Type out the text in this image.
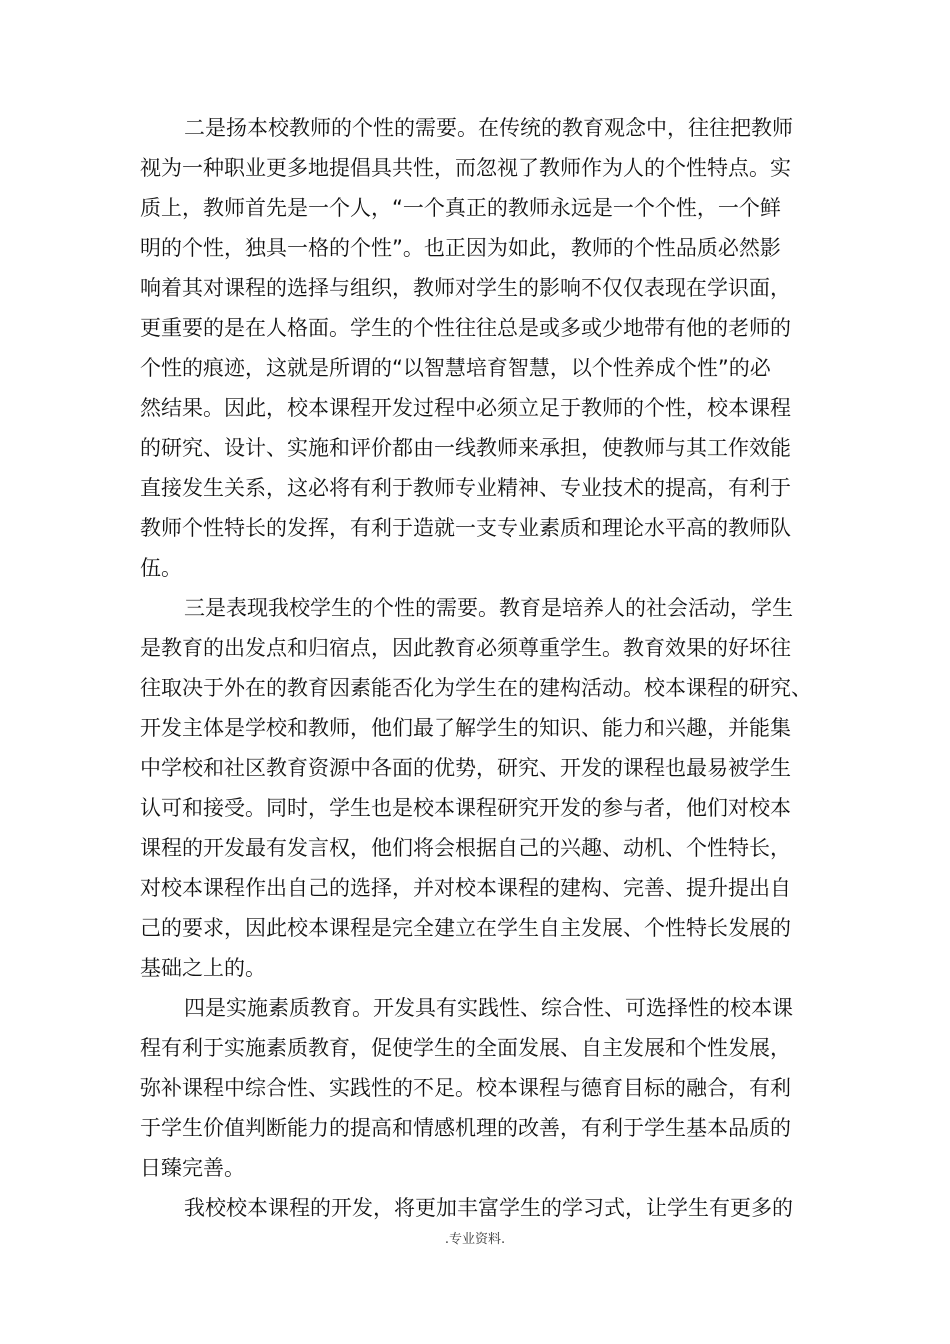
二是扬本校教师的个性的需要。在传统的教育观念中，往往把教师
视为一种职业更多地提倡具共性，而忽视了教师作为人的个性特点。实
质上，教师首先是一个人，“一个真正的教师永远是一个个性，一个鲜
明的个性，独具一格的个性”。也正因为如此，教师的个性品质必然影
响着其对课程的选择与组织，教师对学生的影响不仅仅表现在学识面，
更重要的是在人格面。学生的个性往往总是或多或少地带有他的老师的
个性的痕迹，这就是所谓的“以智慧培育智慧，以个性养成个性”的必
然结果。因此，校本课程开发过程中必须立足于教师的个性，校本课程
的研究、设计、实施和评价都由一线教师来承担，使教师与其工作效能
直接发生关系，这必将有利于教师专业精神、专业技术的提高，有利于
教师个性特长的发挥，有利于造就一支专业素质和理论水平高的教师队
伍。
三是表现我校学生的个性的需要。教育是培养人的社会活动，学生
是教育的出发点和归宿点，因此教育必须尊重学生。教育效果的好坏往
往取决于外在的教育因素能否化为学生在的建构活动。校本课程的研究、
开发主体是学校和教师，他们最了解学生的知识、能力和兴趣，并能集
中学校和社区教育资源中各面的优势，研究、开发的课程也最易被学生
认可和接受。同时，学生也是校本课程研究开发的参与者，他们对校本
课程的开发最有发言权，他们将会根据自己的兴趣、动机、个性特长，
对校本课程作出自己的选择，并对校本课程的建构、完善、提升提出自
己的要求，因此校本课程是完全建立在学生自主发展、个性特长发展的
基础之上的。
四是实施素质教育。开发具有实践性、综合性、可选择性的校本课
程有利于实施素质教育，促使学生的全面发展、自主发展和个性发展，
弥补课程中综合性、实践性的不足。校本课程与德育目标的融合，有利
于学生价值判断能力的提高和情感机理的改善，有利于学生基本品质的
日臻完善。
我校校本课程的开发，将更加丰富学生的学习式，让学生有更多的
.专业资料.
